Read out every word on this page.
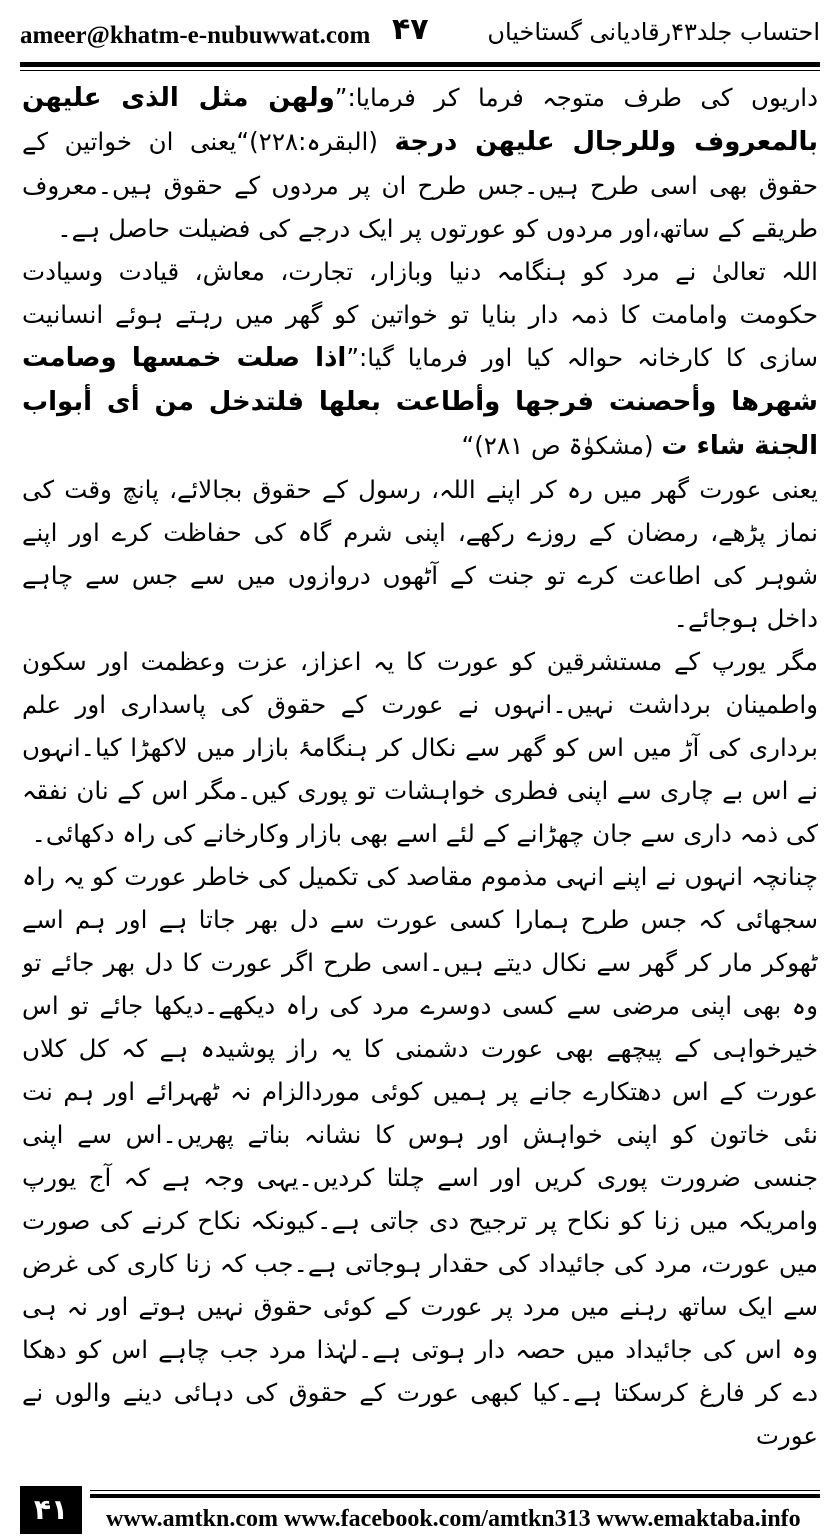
ameer@khatm-e-nubuwwat.com ۴۷ احتساب جلد۴۳رقادیانی گستاخیاں

داریوں کی طرف متوجہ فرما کر فرمایا:”ولھن مثل الذی علیھن بالمعروف وللرجال علیھن درجة (البقرہ:۲۲۸)“یعنی ان خواتین کے حقوق بھی اسی طرح ہیں۔جس طرح ان پر مردوں کے حقوق ہیں۔معروف طریقے کے ساتھ،اور مردوں کو عورتوں پر ایک درجے کی فضیلت حاصل ہے۔

اللہ تعالیٰ نے مرد کو ہنگامہ دنیا وبازار، تجارت، معاش، قیادت وسیادت حکومت وامامت کا ذمہ دار بنایا تو خواتین کو گھر میں رہتے ہوئے انسانیت سازی کا کارخانہ حوالہ کیا اور فرمایا گیا:”اذا صلت خمسها وصامت شهرها وأحصنت فرجها وأطاعت بعلها فلتدخل من أی أبواب الجنة شاء ت (مشکوٰۃ ص ۲۸۱)“

یعنی عورت گھر میں رہ کر اپنے اللہ، رسول کے حقوق بجالائے، پانچ وقت کی نماز پڑھے، رمضان کے روزے رکھے، اپنی شرم گاہ کی حفاظت کرے اور اپنے شوہر کی اطاعت کرے تو جنت کے آٹھوں دروازوں میں سے جس سے چاہے داخل ہوجائے۔

مگر یورپ کے مستشرقین کو عورت کا یہ اعزاز، عزت وعظمت اور سکون واطمینان برداشت نہیں۔انہوں نے عورت کے حقوق کی پاسداری اور علم برداری کی آڑ میں اس کو گھر سے نکال کر ہنگامۂ بازار میں لاکھڑا کیا۔انہوں نے اس بے چاری سے اپنی فطری خواہشات تو پوری کیں۔مگر اس کے نان نفقہ کی ذمہ داری سے جان چھڑانے کے لئے اسے بھی بازار وکارخانے کی راہ دکھائی۔

چنانچہ انہوں نے اپنے انہی مذموم مقاصد کی تکمیل کی خاطر عورت کو یہ راہ سجھائی کہ جس طرح ہمارا کسی عورت سے دل بھر جاتا ہے اور ہم اسے ٹھوکر مار کر گھر سے نکال دیتے ہیں۔اسی طرح اگر عورت کا دل بھر جائے تو وہ بھی اپنی مرضی سے کسی دوسرے مرد کی راہ دیکھے۔دیکھا جائے تو اس خیرخواہی کے پیچھے بھی عورت دشمنی کا یہ راز پوشیدہ ہے کہ کل کلاں عورت کے اس دھتکارے جانے پر ہمیں کوئی موردالزام نہ ٹھہرائے اور ہم نت نئی خاتون کو اپنی خواہش اور ہوس کا نشانہ بناتے پھریں۔اس سے اپنی جنسی ضرورت پوری کریں اور اسے چلتا کردیں۔یہی وجہ ہے کہ آج یورپ وامریکہ میں زنا کو نکاح پر ترجیح دی جاتی ہے۔کیونکہ نکاح کرنے کی صورت میں عورت، مرد کی جائیداد کی حقدار ہوجاتی ہے۔جب کہ زنا کاری کی غرض سے ایک ساتھ رہنے میں مرد پر عورت کے کوئی حقوق نہیں ہوتے اور نہ ہی وہ اس کی جائیداد میں حصہ دار ہوتی ہے۔لہٰذا مرد جب چاہے اس کو دھکا دے کر فارغ کرسکتا ہے۔کیا کبھی عورت کے حقوق کی دہائی دینے والوں نے عورت

۴۱	www.amtkn.com www.facebook.com/amtkn313 www.emaktaba.info
